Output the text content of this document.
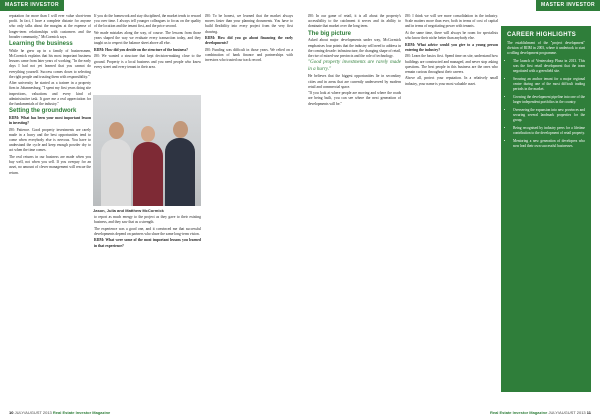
MASTER INVESTOR

reputation for more than I will ever value short-term profit. In fact, I have a complete distaste for anyone who only talks about the margins at the expense of longer-term relationships with customers and the broader community," McCormick says.

Learning the business

While he grew up in a family of businessmen, McCormick explains that his most important business lessons came from later years of working. "In the early days I had not yet learned that you cannot do everything yourself. Success comes down to selecting the right people and trusting them with responsibility."

After university he started as a trainee in a property firm in Johannesburg. "I spent my first years doing site inspections, valuations and every kind of administrative task. It gave me a real appreciation for the fundamentals of the industry."

Setting the groundwork

RIIM: What has been your most important lesson in investing?

JM: Patience. Good property investments are rarely made in a hurry and the best opportunities tend to come when everybody else is nervous. You have to understand the cycle and keep enough powder dry to act when the time comes.

The real returns in our business are made when you buy well, not when you sell. If you overpay for an asset, no amount of clever management will rescue the return.

If you do the homework and stay disciplined, the market tends to reward you over time. I always tell younger colleagues to focus on the quality of the location and the tenant first, and the price second.

We made mistakes along the way, of course. The lessons from those years shaped the way we evaluate every transaction today, and they taught us to respect the balance sheet above all else.

RIIM: How did you decide on the structure of the business?

JM: We wanted a structure that kept decision-making close to the ground. Property is a local business and you need people who know every street and every tenant in their area.

Jason, Julia and Matthew McCormick

to report as much energy to the project as they gave to their existing business, and they saw that as a strength.

The experience was a good one, and it convinced me that successful developments depend on partners who share the same long-term vision.

RIIM: What were some of the most important lessons you learned in that experience?

JM: To be honest, we learned that the market always moves faster than your planning documents. You have to build flexibility into every project from the very first drawing.

RIIM: How did you go about financing the early developments?

JM: Funding was difficult in those years. We relied on a combination of bank finance and partnerships with investors who trusted our track record.

10 JULY/AUGUST 2013 Real Estate Investor Magazine
MASTER INVESTOR

JM: In our game of retail, it is all about the property's accessibility to the catchment it serves and its ability to dominate that market over the long term.

The big picture

Asked about major developments under way, McCormick emphasises four points that the industry will need to address in the coming decade: infrastructure, the changing shape of retail, the rise of mixed-use precincts and the role of technology.

"Good property investments are rarely made in a hurry."

He believes that the biggest opportunities lie in secondary cities and in areas that are currently underserved by modern retail and commercial space.

"If you look at where people are moving and where the roads are being built, you can see where the next generation of developments will be."

JM: I think we will see more consolidation in the industry. Scale matters more than ever, both in terms of cost of capital and in terms of negotiating power with tenants.

At the same time, there will always be room for specialists who know their niche better than anybody else.

RIIM: What advice would you give to a young person entering the industry?

JM: Learn the basics first. Spend time on site, understand how buildings are constructed and managed, and never stop asking questions. The best people in this business are the ones who remain curious throughout their careers.

Above all, protect your reputation. In a relatively small industry, your name is your most valuable asset.

Real Estate Investor Magazine JULY/AUGUST 2013 11
CAREER HIGHLIGHTS

The establishment of the "project development" division of RIIM in 2003, where it undertook to start a rolling development programme.

• The launch of Ventersdorp Plaza in 2013. This was the first retail development that the team negotiated with a greenfield site.
• Securing an anchor tenant for a major regional centre during one of the most difficult trading periods in the market.
• Growing the development pipeline into one of the larger independent portfolios in the country.
• Overseeing the expansion into new provinces and securing several landmark properties for the group.
• Being recognised by industry peers for a lifetime contribution to the development of retail property.
• Mentoring a new generation of developers who now lead their own successful businesses.
